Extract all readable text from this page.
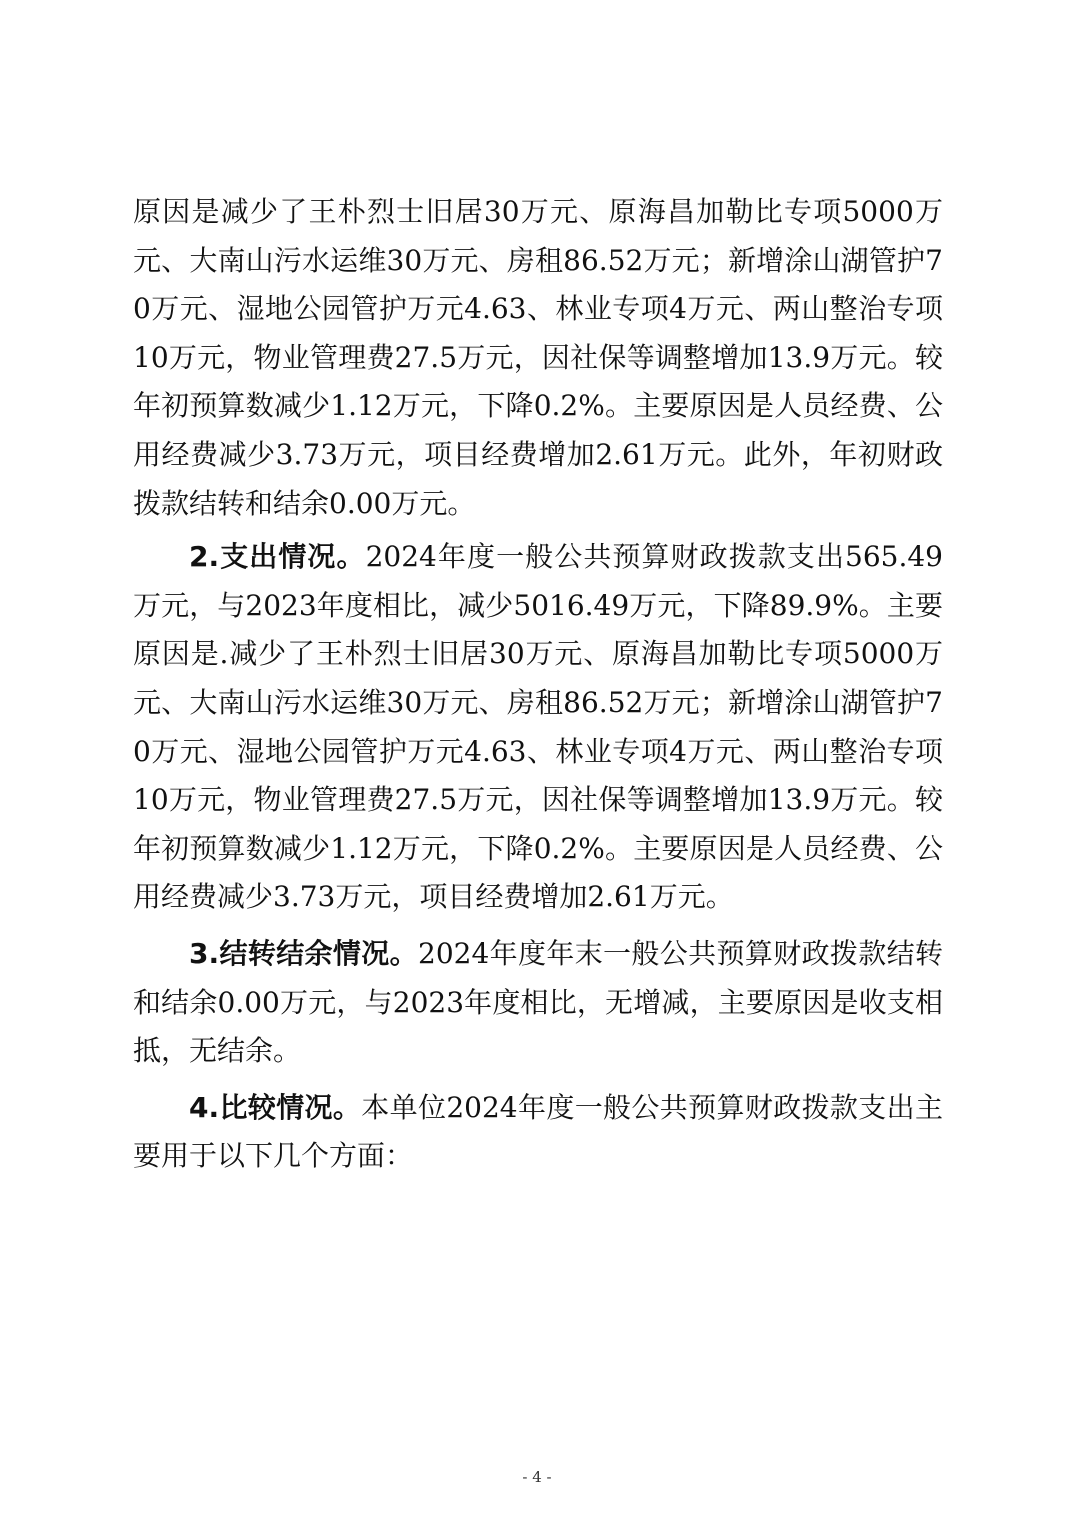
原因是减少了王朴烈士旧居30万元、原海昌加勒比专项5000万元、大南山污水运维30万元、房租86.52万元；新增涂山湖管护70万元、湿地公园管护万元4.63、林业专项4万元、两山整治专项10万元，物业管理费27.5万元，因社保等调整增加13.9万元。较年初预算数减少1.12万元，下降0.2%。主要原因是人员经费、公用经费减少3.73万元，项目经费增加2.61万元。此外，年初财政拨款结转和结余0.00万元。

2.支出情况。2024年度一般公共预算财政拨款支出565.49万元，与2023年度相比，减少5016.49万元，下降89.9%。主要原因是.减少了王朴烈士旧居30万元、原海昌加勒比专项5000万元、大南山污水运维30万元、房租86.52万元；新增涂山湖管护70万元、湿地公园管护万元4.63、林业专项4万元、两山整治专项10万元，物业管理费27.5万元，因社保等调整增加13.9万元。较年初预算数减少1.12万元，下降0.2%。主要原因是人员经费、公用经费减少3.73万元，项目经费增加2.61万元。

3.结转结余情况。2024年度年末一般公共预算财政拨款结转和结余0.00万元，与2023年度相比，无增减，主要原因是收支相抵，无结余。

4.比较情况。本单位2024年度一般公共预算财政拨款支出主要用于以下几个方面：

- 4 -
